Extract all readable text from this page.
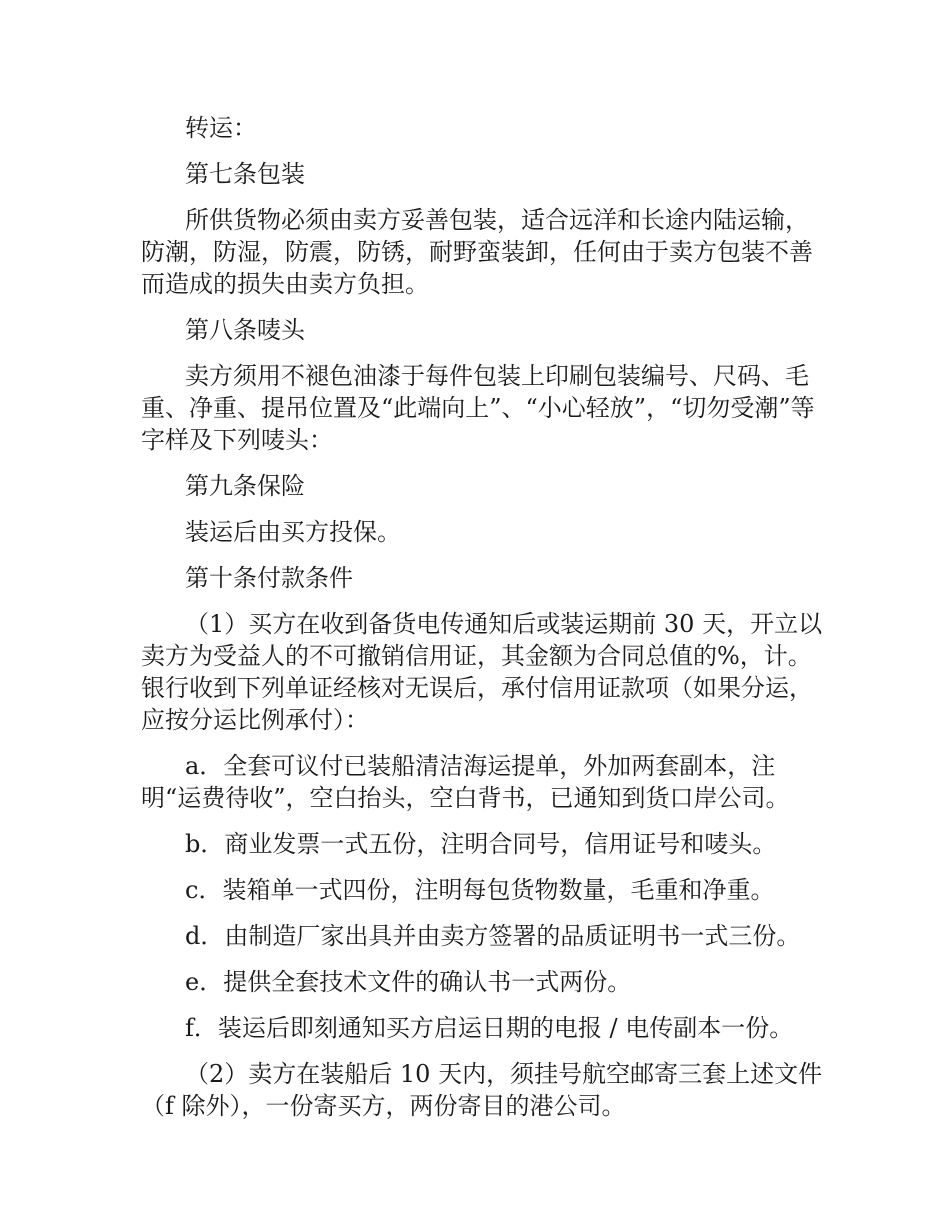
转运：

第七条包装

所供货物必须由卖方妥善包装，适合远洋和长途内陆运输，防潮，防湿，防震，防锈，耐野蛮装卸，任何由于卖方包装不善而造成的损失由卖方负担。

第八条唛头

卖方须用不褪色油漆于每件包装上印刷包装编号、尺码、毛重、净重、提吊位置及“此端向上”、“小心轻放”，“切勿受潮”等字样及下列唛头：

第九条保险

装运后由买方投保。

第十条付款条件

（1）买方在收到备货电传通知后或装运期前 30 天，开立以卖方为受益人的不可撤销信用证，其金额为合同总值的%，计。银行收到下列单证经核对无误后，承付信用证款项（如果分运，应按分运比例承付）：

a．全套可议付已装船清洁海运提单，外加两套副本，注明“运费待收”，空白抬头，空白背书，已通知到货口岸公司。

b．商业发票一式五份，注明合同号，信用证号和唛头。

c．装箱单一式四份，注明每包货物数量，毛重和净重。

d．由制造厂家出具并由卖方签署的品质证明书一式三份。

e．提供全套技术文件的确认书一式两份。

f．装运后即刻通知买方启运日期的电报 / 电传副本一份。

（2）卖方在装船后 10 天内，须挂号航空邮寄三套上述文件（f 除外），一份寄买方，两份寄目的港公司。
